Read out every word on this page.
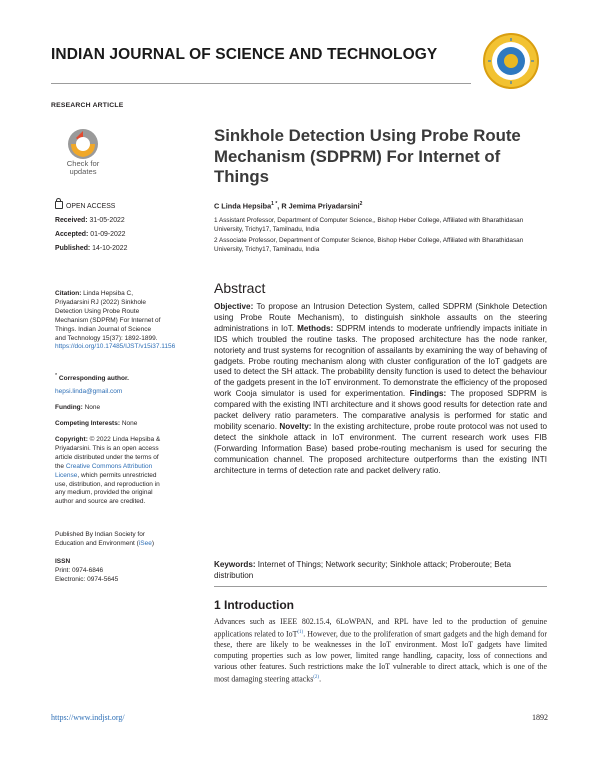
INDIAN JOURNAL OF SCIENCE AND TECHNOLOGY
RESEARCH ARTICLE
Check for updates
Sinkhole Detection Using Probe Route Mechanism (SDPRM) For Internet of Things
OPEN ACCESS
Received: 31-05-2022
Accepted: 01-09-2022
Published: 14-10-2022
C Linda Hepsiba$^{1 *}$, R Jemima Priyadarsini$^2$
1 Assistant Professor, Department of Computer Science,, Bishop Heber College, Affiliated with Bharathidasan University, Trichy17, Tamilnadu, India
2 Associate Professor, Department of Computer Science, Bishop Heber College, Affiliated with Bharathidasan University, Trichy17, Tamilnadu, India
Citation: Linda Hepsiba C, Priyadarsini RJ (2022) Sinkhole Detection Using Probe Route Mechanism (SDPRM) For Internet of Things. Indian Journal of Science and Technology 15(37): 1892-1899. https://doi.org/10.17485/IJST/v15i37.1156
* Corresponding author.
hepsi.linda@gmail.com
Funding: None
Competing Interests: None
Copyright: © 2022 Linda Hepsiba & Priyadarsini. This is an open access article distributed under the terms of the Creative Commons Attribution License, which permits unrestricted use, distribution, and reproduction in any medium, provided the original author and source are credited.
Published By Indian Society for Education and Environment (iSee)
ISSN
Print: 0974-6846
Electronic: 0974-5645
Abstract
Objective: To propose an Intrusion Detection System, called SDPRM (Sinkhole Detection using Probe Route Mechanism), to distinguish sinkhole assaults on the steering administrations in IoT. Methods: SDPRM intends to moderate unfriendly impacts initiate in IDS which troubled the routine tasks. The proposed architecture has the node ranker, notoriety and trust systems for recognition of assailants by examining the way of behaving of gadgets. Probe routing mechanism along with cluster configuration of the IoT gadgets are used to detect the SH attack. The probability density function is used to detect the behaviour of the gadgets present in the IoT environment. To demonstrate the efficiency of the proposed work Cooja simulator is used for experimentation. Findings: The proposed SDPRM is compared with the existing INTI architecture and it shows good results for detection rate and packet delivery ratio parameters. The comparative analysis is performed for static and mobility scenario. Novelty: In the existing architecture, probe route protocol was not used to detect the sinkhole attack in IoT environment. The current research work uses FIB (Forwarding Information Base) based probe-routing mechanism is used for securing the communication channel. The proposed architecture outperforms than the existing INTI architecture in terms of detection rate and packet delivery ratio.
Keywords: Internet of Things; Network security; Sinkhole attack; Proberoute; Beta distribution
1 Introduction
Advances such as IEEE 802.15.4, 6LoWPAN, and RPL have led to the production of genuine applications related to IoT$^{(1)}$. However, due to the proliferation of smart gadgets and the high demand for these, there are likely to be weaknesses in the IoT environment. Most IoT gadgets have limited computing properties such as low power, limited range handling, capacity, loss of connections and various other features. Such restrictions make the IoT vulnerable to direct attack, which is one of the most damaging steering attacks$^{(2)}$.
https://www.indjst.org/	1892
